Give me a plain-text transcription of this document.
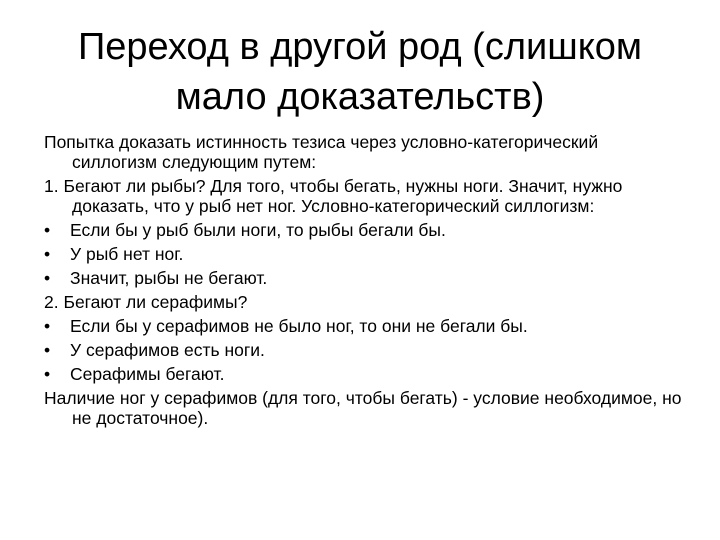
Переход в другой род (слишком
мало доказательств)

Попытка доказать истинность тезиса через условно-категорический силлогизм следующим путем:

1. Бегают ли рыбы? Для того, чтобы бегать, нужны ноги. Значит, нужно доказать, что у рыб нет ног. Условно-категорический силлогизм:

• Если бы у рыб были ноги, то рыбы бегали бы.
• У рыб нет ног.
• Значит, рыбы не бегают.

2. Бегают ли серафимы?

• Если бы у серафимов не было ног, то они не бегали бы.
• У серафимов есть ноги.
• Серафимы бегают.

Наличие ног у серафимов (для того, чтобы бегать) - условие необходимое, но не достаточное).
